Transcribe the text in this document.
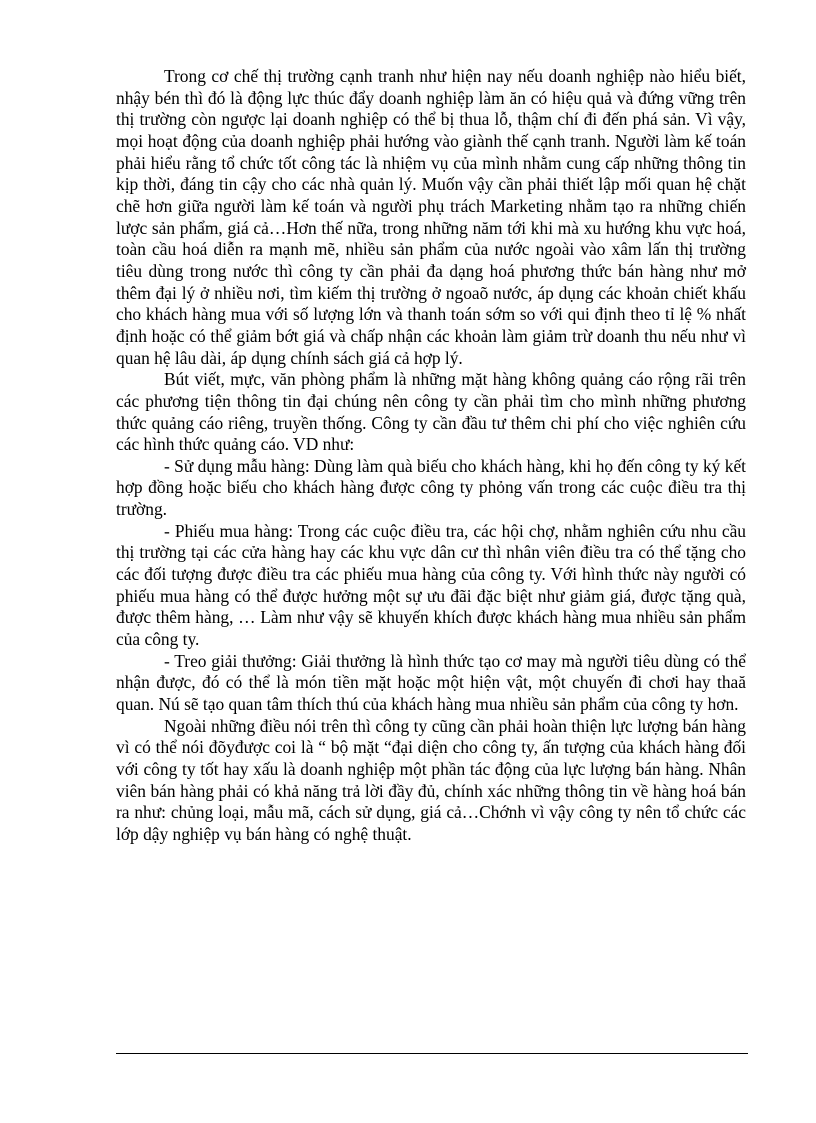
Trong cơ chế thị trường cạnh tranh như hiện nay nếu doanh nghiệp nào hiểu biết, nhậy bén thì đó là động lực thúc đẩy doanh nghiệp làm ăn có hiệu quả và đứng vững trên thị trường còn ngược lại doanh nghiệp có thể bị thua lỗ, thậm chí đi đến phá sản. Vì vậy, mọi hoạt động của doanh nghiệp phải hướng vào giành thế cạnh tranh. Người làm kế toán phải hiểu rằng tổ chức tốt công tác là nhiệm vụ của mình nhằm cung cấp những thông tin kịp thời, đáng tin cậy cho các nhà quản lý. Muốn vậy cần phải thiết lập mối quan hệ chặt chẽ hơn giữa người làm kế toán và người phụ trách Marketing nhằm tạo ra những chiến lược sản phẩm, giá cả…Hơn thế nữa, trong những năm tới khi mà xu hướng khu vực hoá, toàn cầu hoá diễn ra mạnh mẽ, nhiều sản phẩm của nước ngoài vào xâm lấn thị trường tiêu dùng trong nước thì công ty cần phải đa dạng hoá phương thức bán hàng như mở thêm đại lý ở nhiều nơi, tìm kiếm thị trường ở ngoaõ nước, áp dụng các khoản chiết khấu cho khách hàng mua với số lượng lớn và thanh toán sớm so với qui định theo tỉ lệ % nhất định hoặc có thể giảm bớt giá và chấp nhận các khoản làm giảm trừ doanh thu nếu như vì quan hệ lâu dài, áp dụng chính sách giá cả hợp lý.

Bút viết, mực, văn phòng phẩm là những mặt hàng không quảng cáo rộng rãi trên các phương tiện thông tin đại chúng nên công ty cần phải tìm cho mình những phương thức quảng cáo riêng, truyền thống. Công ty cần đầu tư thêm chi phí cho việc nghiên cứu các hình thức quảng cáo. VD như:

- Sử dụng mẫu hàng: Dùng làm quà biếu cho khách hàng, khi họ đến công ty ký kết hợp đồng hoặc biếu cho khách hàng được công ty phỏng vấn trong các cuộc điều tra thị trường.

- Phiếu mua hàng: Trong các cuộc điều tra, các hội chợ, nhằm nghiên cứu nhu cầu thị trường tại các cửa hàng hay các khu vực dân cư thì nhân viên điều tra có thể tặng cho các đối tượng được điều tra các phiếu mua hàng của công ty. Với hình thức này người có phiếu mua hàng có thể được hưởng một sự ưu đãi đặc biệt như giảm giá, được tặng quà, được thêm hàng, … Làm như vậy sẽ khuyến khích được khách hàng mua nhiều sản phẩm của công ty.

- Treo giải thưởng: Giải thưởng là hình thức tạo cơ may mà người tiêu dùng có thể nhận được, đó có thể là món tiền mặt hoặc một hiện vật, một chuyến đi chơi hay thaă quan. Nú sẽ tạo quan tâm thích thú của khách hàng mua nhiều sản phẩm của công ty hơn.

Ngoài những điều nói trên thì công ty cũng cần phải hoàn thiện lực lượng bán hàng vì có thể nói đõyđược coi là “ bộ mặt “đại diện cho công ty, ấn tượng của khách hàng đối với công ty tốt hay xấu là doanh nghiệp một phần tác động của lực lượng bán hàng. Nhân viên bán hàng phải có khả năng trả lời đầy đủ, chính xác những thông tin về hàng hoá bán ra như: chủng loại, mẫu mã, cách sử dụng, giá cả…Chớnh vì vậy công ty nên tổ chức các lớp dậy nghiệp vụ bán hàng có nghệ thuật.
